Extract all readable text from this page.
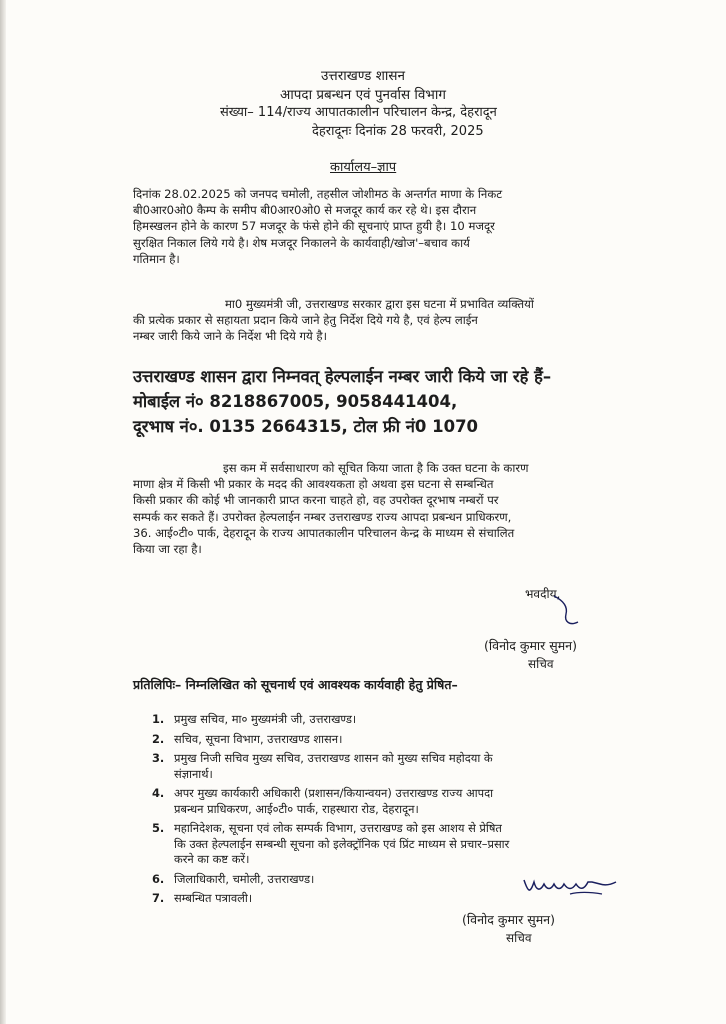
उत्तराखण्ड शासन
आपदा प्रबन्धन एवं पुनर्वास विभाग
संख्या– 114/राज्य आपातकालीन परिचालन केन्द्र, देहरादून
देहरादूनः दिनांक 28 फरवरी, 2025
कार्यालय–ज्ञाप

दिनांक 28.02.2025 को जनपद चमोली, तहसील जोशीमठ के अन्तर्गत माणा के निकट

बी0आर0ओ0 कैम्प के समीप बी0आर0ओ0 से मजदूर कार्य कर रहे थे। इस दौरान

हिमस्खलन होने के कारण 57 मजदूर के फंसे होने की सूचनाएं प्राप्त हुयी है। 10 मजदूर

सुरक्षित निकाल लिये गये है। शेष मजदूर निकालने के कार्यवाही/खोज'–बचाव कार्य

गतिमान है।

मा0 मुख्यमंत्री जी, उत्तराखण्ड सरकार द्वारा इस घटना में प्रभावित व्यक्तियों

की प्रत्येक प्रकार से सहायता प्रदान किये जाने हेतु निर्देश दिये गये है, एवं हेल्प लाईन

नम्बर जारी किये जाने के निर्देश भी दिये गये है।

उत्तराखण्ड शासन द्वारा निम्नवत् हेल्पलाईन नम्बर जारी किये जा रहे हैं–
मोबाईल नं० 8218867005, 9058441404,
दूरभाष नं०. 0135 2664315, टोल फ्री नं0 1070

इस कम में सर्वसाधारण को सूचित किया जाता है कि उक्त घटना के कारण

माणा क्षेत्र में किसी भी प्रकार के मदद की आवश्यकता हो अथवा इस घटना से सम्बन्धित

किसी प्रकार की कोई भी जानकारी प्राप्त करना चाहते हो, वह उपरोक्त दूरभाष नम्बरों पर

सम्पर्क कर सकते हैं। उपरोक्त हेल्पलाईन नम्बर उत्तराखण्ड राज्य आपदा प्रबन्धन प्राधिकरण,

36. आई०टी० पार्क, देहरादून के राज्य आपातकालीन परिचालन केन्द्र के माध्यम से संचालित

किया जा रहा है।

भवदीय,
(विनोद कुमार सुमन)
सचिव
प्रतिलिपिः– निम्नलिखित को सूचनार्थ एवं आवश्यक कार्यवाही हेतु प्रेषित–
1. प्रमुख सचिव, मा० मुख्यमंत्री जी, उत्तराखण्ड।
2. सचिव, सूचना विभाग, उत्तराखण्ड शासन।
3. प्रमुख निजी सचिव मुख्य सचिव, उत्तराखण्ड शासन को मुख्य सचिव महोदया के
संज्ञानार्थ।
4. अपर मुख्य कार्यकारी अधिकारी (प्रशासन/कियान्वयन) उत्तराखण्ड राज्य आपदा
प्रबन्धन प्राधिकरण, आई०टी० पार्क, राहस्धारा रोड, देहरादून।
5. महानिदेशक, सूचना एवं लोक सम्पर्क विभाग, उत्तराखण्ड को इस आशय से प्रेषित
कि उक्त हेल्पलाईन सम्बन्धी सूचना को इलेक्ट्रॉनिक एवं प्रिंट माध्यम से प्रचार–प्रसार
करने का कष्ट करें।
6. जिलाधिकारी, चमोली, उत्तराखण्ड।
7. सम्बन्धित पत्रावली।
(विनोद कुमार सुमन)
सचिव
